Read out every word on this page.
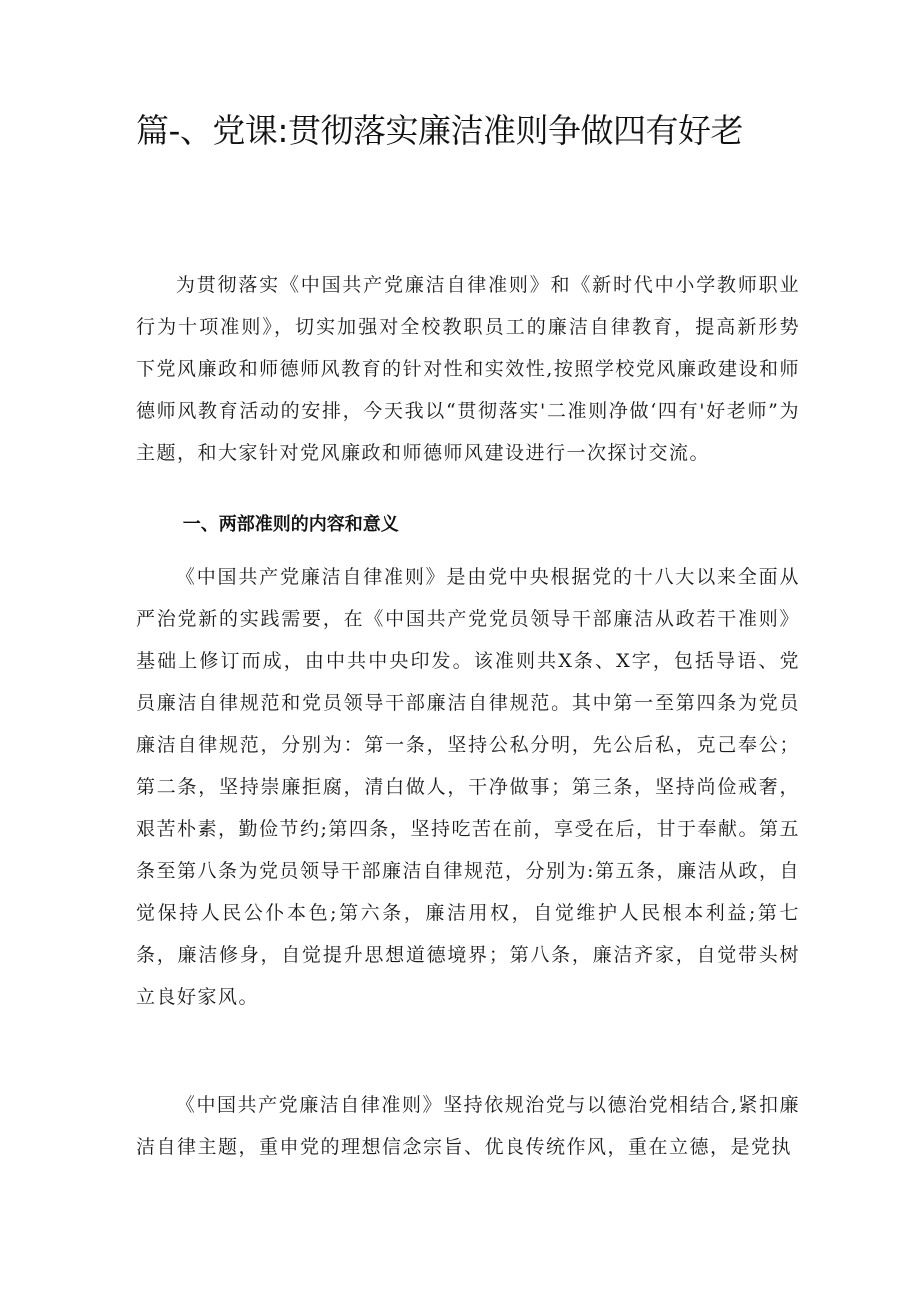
篇-、党课:贯彻落实廉洁准则争做四有好老

为贯彻落实《中国共产党廉洁自律准则》和《新时代中小学教师职业行为十项准则》，切实加强对全校教职员工的廉洁自律教育，提高新形势下党风廉政和师德师风教育的针对性和实效性,按照学校党风廉政建设和师德师风教育活动的安排，今天我以“贯彻落实'二准则净做‘四有'好老师”为主题，和大家针对党风廉政和师德师风建设进行一次探讨交流。

一、两部准则的内容和意义

《中国共产党廉洁自律准则》是由党中央根据党的十八大以来全面从严治党新的实践需要，在《中国共产党党员领导干部廉洁从政若干准则》基础上修订而成，由中共中央印发。该准则共X条、X字，包括导语、党员廉洁自律规范和党员领导干部廉洁自律规范。其中第一至第四条为党员廉洁自律规范，分别为：第一条，坚持公私分明，先公后私，克己奉公；第二条，坚持崇廉拒腐，清白做人，干净做事；第三条，坚持尚俭戒奢，艰苦朴素，勤俭节约;第四条，坚持吃苦在前，享受在后，甘于奉献。第五条至第八条为党员领导干部廉洁自律规范，分别为:第五条，廉洁从政，自觉保持人民公仆本色;第六条，廉洁用权，自觉维护人民根本利益;第七条，廉洁修身，自觉提升思想道德境界；第八条，廉洁齐家，自觉带头树立良好家风。

《中国共产党廉洁自律准则》坚持依规治党与以德治党相结合,紧扣廉洁自律主题，重申党的理想信念宗旨、优良传统作风，重在立德，是党执
